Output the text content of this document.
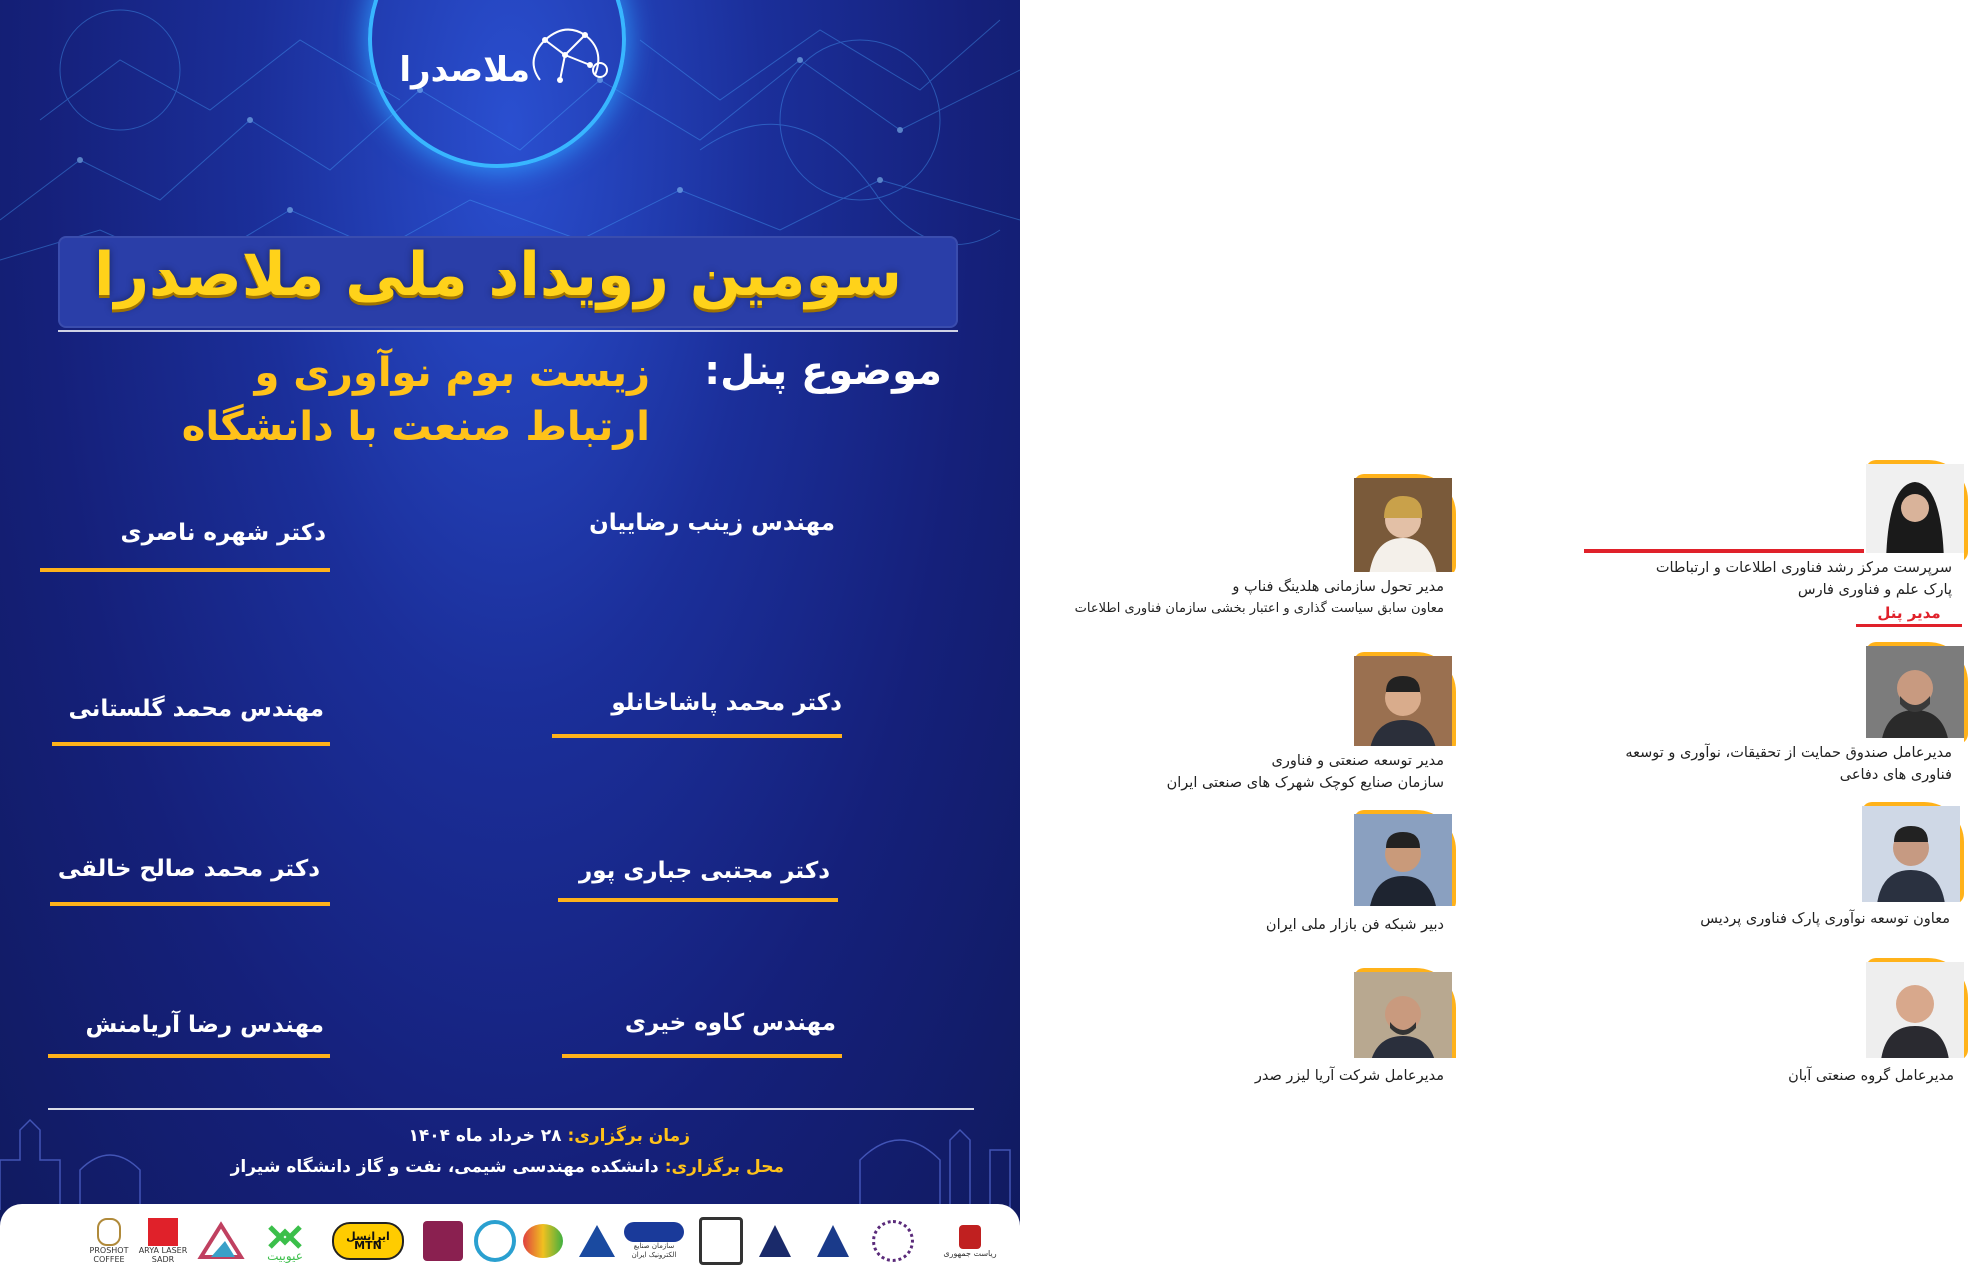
ملاصدرا
سومین رویداد ملی ملاصدرا
موضوع پنل:
زیست بوم نوآوری و
ارتباط صنعت با دانشگاه
مهندس زینب رضاییان
سرپرست مرکز رشد فناوری اطلاعات و ارتباطات
پارک علم و فناوری فارس
مدیر پنل
دکتر شهره ناصری
مدیر تحول سازمانی هلدینگ فناپ و
معاون سابق سیاست گذاری و اعتبار بخشی سازمان فناوری اطلاعات
دکتر محمد پاشاخانلو
مدیرعامل صندوق حمایت از تحقیقات، نوآوری و توسعه
فناوری های دفاعی
مهندس محمد گلستانی
مدیر توسعه صنعتی و فناوری
سازمان صنایع کوچک شهرک های صنعتی ایران
دکتر مجتبی جباری پور
معاون توسعه نوآوری پارک فناوری پردیس
دکتر محمد صالح خالقی
دبیر شبکه فن بازار ملی ایران
مهندس کاوه خیری
مدیرعامل گروه صنعتی آبان
مهندس رضا آریامنش
مدیرعامل شرکت آریا لیزر صدر
زمان برگزاری: ۲۸ خرداد ماه ۱۴۰۴
محل برگزاری: دانشکده مهندسی شیمی، نفت و گاز دانشگاه شیراز
PROSHOT COFFEE
ARYA LASER SADR	عیوبیت
ایرانسل MTN	سازمان صنایع الکترونیک ایران	ریاست جمهوری
